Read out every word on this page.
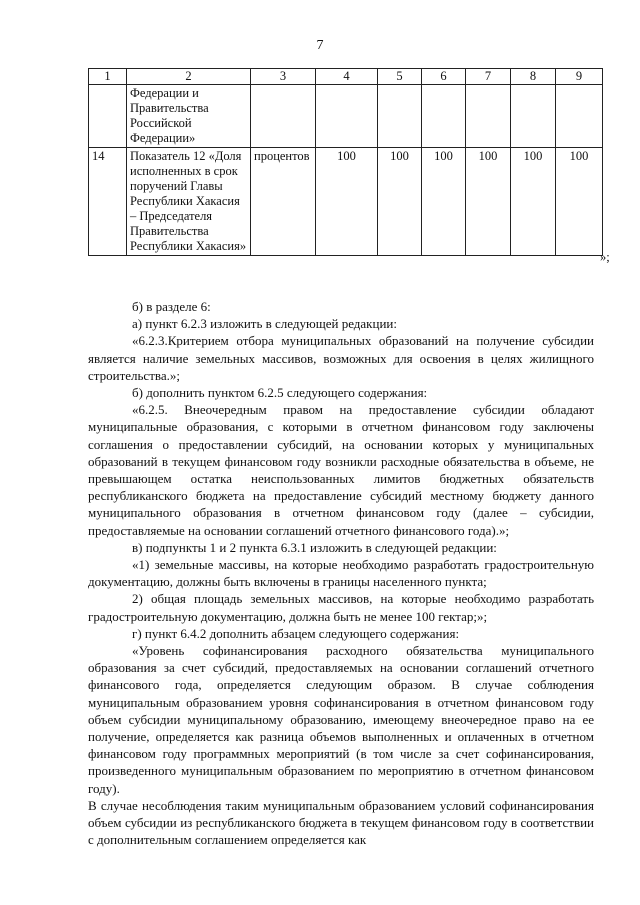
7
1	2	3	4	5	6	7	8	9
	Федерации и Правительства Российской Федерации»							
14	Показатель 12 «Доля исполненных в срок поручений Главы Республики Хакасия – Председателя Правительства Республики Хакасия»	процентов	100	100	100	100	100	100
»;

б) в разделе 6:

а) пункт 6.2.3 изложить в следующей редакции:

«6.2.3.Критерием отбора муниципальных образований на получение субсидии является наличие земельных массивов, возможных для освоения в целях жилищного строительства.»;

б) дополнить пунктом 6.2.5 следующего содержания:

«6.2.5. Внеочередным правом на предоставление субсидии обладают муниципальные образования, с которыми в отчетном финансовом году заключены соглашения о предоставлении субсидий, на основании которых у муниципальных образований в текущем финансовом году возникли расходные обязательства в объеме, не превышающем остатка неиспользованных лимитов бюджетных обязательств республиканского бюджета на предоставление субсидий местному бюджету данного муниципального образования в отчетном финансовом году (далее – субсидии, предоставляемые на основании соглашений отчетного финансового года).»;

в) подпункты 1 и 2 пункта 6.3.1 изложить в следующей редакции:

«1) земельные массивы, на которые необходимо разработать градостроительную документацию, должны быть включены в границы населенного пункта;

2) общая площадь земельных массивов, на которые необходимо разработать градостроительную документацию, должна быть не менее 100 гектар;»;

г) пункт 6.4.2 дополнить абзацем следующего содержания:

«Уровень софинансирования расходного обязательства муниципального образования за счет субсидий, предоставляемых на основании соглашений отчетного финансового года, определяется следующим образом. В случае соблюдения муниципальным образованием уровня софинансирования в отчетном финансовом году объем субсидии муниципальному образованию, имеющему внеочередное право на ее получение, определяется как разница объемов выполненных и оплаченных в отчетном финансовом году программных мероприятий (в том числе за счет софинансирования, произведенного муниципальным образованием по мероприятию в отчетном финансовом году).

В случае несоблюдения таким муниципальным образованием условий софинансирования объем субсидии из республиканского бюджета в текущем финансовом году в соответствии с дополнительным соглашением определяется как
